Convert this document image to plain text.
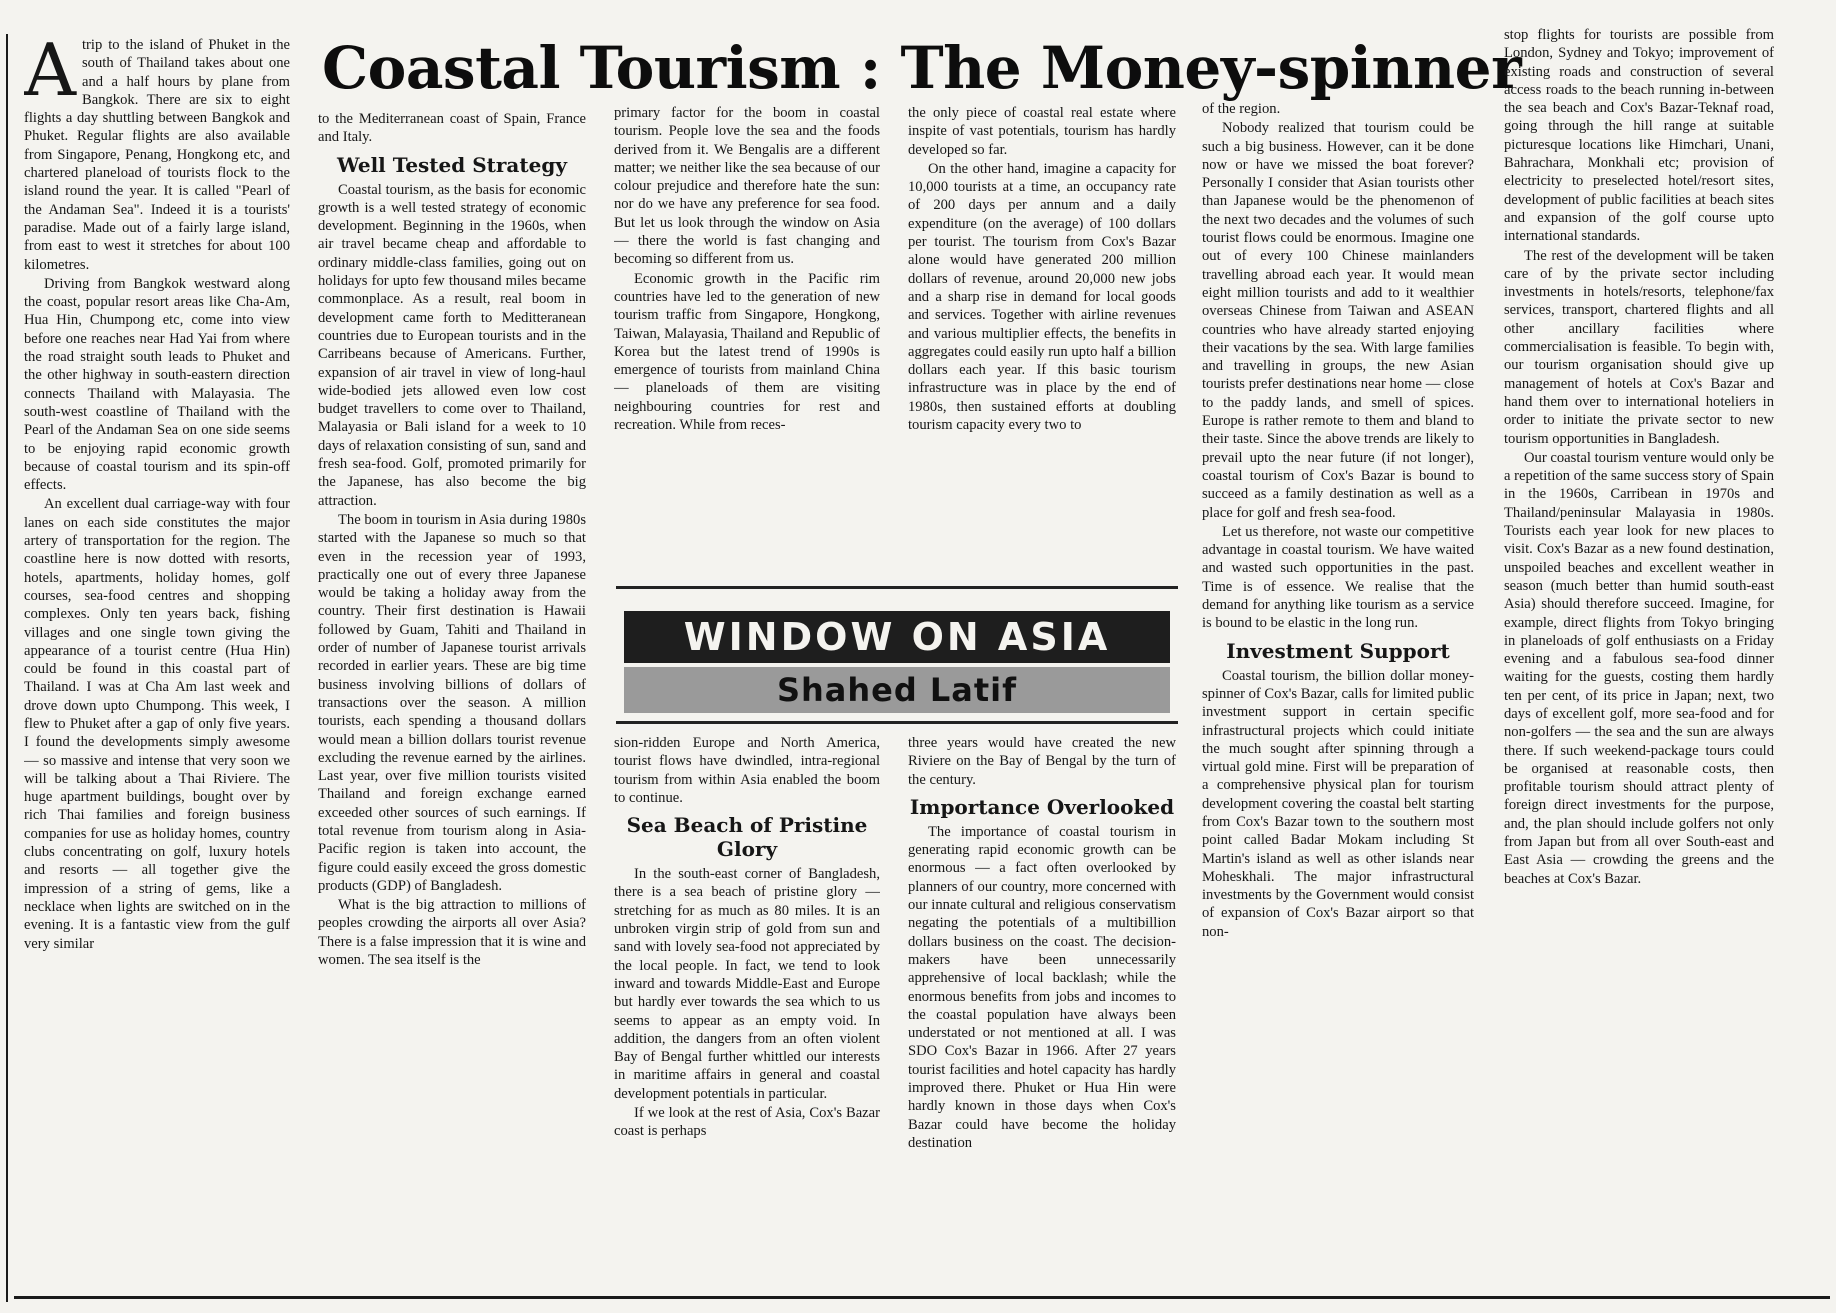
Coastal Tourism : The Money-spinner

Atrip to the island of Phuket in the south of Thailand takes about one and a half hours by plane from Bangkok. There are six to eight flights a day shuttling between Bangkok and Phuket. Regular flights are also available from Singapore, Penang, Hongkong etc, and chartered planeload of tourists flock to the island round the year. It is called "Pearl of the Andaman Sea". Indeed it is a tourists' paradise. Made out of a fairly large island, from east to west it stretches for about 100 kilometres.

Driving from Bangkok westward along the coast, popular resort areas like Cha-Am, Hua Hin, Chumpong etc, come into view before one reaches near Had Yai from where the road straight south leads to Phuket and the other highway in south-eastern direction connects Thailand with Malayasia. The south-west coastline of Thailand with the Pearl of the Andaman Sea on one side seems to be enjoying rapid economic growth because of coastal tourism and its spin-off effects.

An excellent dual carriage-way with four lanes on each side constitutes the major artery of transportation for the region. The coastline here is now dotted with resorts, hotels, apartments, holiday homes, golf courses, sea-food centres and shopping complexes. Only ten years back, fishing villages and one single town giving the appearance of a tourist centre (Hua Hin) could be found in this coastal part of Thailand. I was at Cha Am last week and drove down upto Chumpong. This week, I flew to Phuket after a gap of only five years. I found the developments simply awesome — so massive and intense that very soon we will be talking about a Thai Riviere. The huge apartment buildings, bought over by rich Thai families and foreign business companies for use as holiday homes, country clubs concentrating on golf, luxury hotels and resorts — all together give the impression of a string of gems, like a necklace when lights are switched on in the evening. It is a fantastic view from the gulf very similar

to the Mediterranean coast of Spain, France and Italy.

Well Tested Strategy

Coastal tourism, as the basis for economic growth is a well tested strategy of economic development. Beginning in the 1960s, when air travel became cheap and affordable to ordinary middle-class families, going out on holidays for upto few thousand miles became commonplace. As a result, real boom in development came forth to Meditteranean countries due to European tourists and in the Carribeans because of Americans. Further, expansion of air travel in view of long-haul wide-bodied jets allowed even low cost budget travellers to come over to Thailand, Malayasia or Bali island for a week to 10 days of relaxation consisting of sun, sand and fresh sea-food. Golf, promoted primarily for the Japanese, has also become the big attraction.

The boom in tourism in Asia during 1980s started with the Japanese so much so that even in the recession year of 1993, practically one out of every three Japanese would be taking a holiday away from the country. Their first destination is Hawaii followed by Guam, Tahiti and Thailand in order of number of Japanese tourist arrivals recorded in earlier years. These are big time business involving billions of dollars of transactions over the season. A million tourists, each spending a thousand dollars would mean a billion dollars tourist revenue excluding the revenue earned by the airlines. Last year, over five million tourists visited Thailand and foreign exchange earned exceeded other sources of such earnings. If total revenue from tourism along in Asia-Pacific region is taken into account, the figure could easily exceed the gross domestic products (GDP) of Bangladesh.

What is the big attraction to millions of peoples crowding the airports all over Asia? There is a false impression that it is wine and women. The sea itself is the

primary factor for the boom in coastal tourism. People love the sea and the foods derived from it. We Bengalis are a different matter; we neither like the sea because of our colour prejudice and therefore hate the sun: nor do we have any preference for sea food. But let us look through the window on Asia — there the world is fast changing and becoming so different from us.

Economic growth in the Pacific rim countries have led to the generation of new tourism traffic from Singapore, Hongkong, Taiwan, Malayasia, Thailand and Republic of Korea but the latest trend of 1990s is emergence of tourists from mainland China — planeloads of them are visiting neighbouring countries for rest and recreation. While from reces-

the only piece of coastal real estate where inspite of vast potentials, tourism has hardly developed so far.

On the other hand, imagine a capacity for 10,000 tourists at a time, an occupancy rate of 200 days per annum and a daily expenditure (on the average) of 100 dollars per tourist. The tourism from Cox's Bazar alone would have generated 200 million dollars of revenue, around 20,000 new jobs and a sharp rise in demand for local goods and services. Together with airline revenues and various multiplier effects, the benefits in aggregates could easily run upto half a billion dollars each year. If this basic tourism infrastructure was in place by the end of 1980s, then sustained efforts at doubling tourism capacity every two to

WINDOW ON ASIA
Shahed Latif

sion-ridden Europe and North America, tourist flows have dwindled, intra-regional tourism from within Asia enabled the boom to continue.

Sea Beach of Pristine Glory

In the south-east corner of Bangladesh, there is a sea beach of pristine glory — stretching for as much as 80 miles. It is an unbroken virgin strip of gold from sun and sand with lovely sea-food not appreciated by the local people. In fact, we tend to look inward and towards Middle-East and Europe but hardly ever towards the sea which to us seems to appear as an empty void. In addition, the dangers from an often violent Bay of Bengal further whittled our interests in maritime affairs in general and coastal development potentials in particular.

If we look at the rest of Asia, Cox's Bazar coast is perhaps

three years would have created the new Riviere on the Bay of Bengal by the turn of the century.

Importance Overlooked

The importance of coastal tourism in generating rapid economic growth can be enormous — a fact often overlooked by planners of our country, more concerned with our innate cultural and religious conservatism negating the potentials of a multibillion dollars business on the coast. The decision-makers have been unnecessarily apprehensive of local backlash; while the enormous benefits from jobs and incomes to the coastal population have always been understated or not mentioned at all. I was SDO Cox's Bazar in 1966. After 27 years tourist facilities and hotel capacity has hardly improved there. Phuket or Hua Hin were hardly known in those days when Cox's Bazar could have become the holiday destination

of the region.

Nobody realized that tourism could be such a big business. However, can it be done now or have we missed the boat forever? Personally I consider that Asian tourists other than Japanese would be the phenomenon of the next two decades and the volumes of such tourist flows could be enormous. Imagine one out of every 100 Chinese mainlanders travelling abroad each year. It would mean eight million tourists and add to it wealthier overseas Chinese from Taiwan and ASEAN countries who have already started enjoying their vacations by the sea. With large families and travelling in groups, the new Asian tourists prefer destinations near home — close to the paddy lands, and smell of spices. Europe is rather remote to them and bland to their taste. Since the above trends are likely to prevail upto the near future (if not longer), coastal tourism of Cox's Bazar is bound to succeed as a family destination as well as a place for golf and fresh sea-food.

Let us therefore, not waste our competitive advantage in coastal tourism. We have waited and wasted such opportunities in the past. Time is of essence. We realise that the demand for anything like tourism as a service is bound to be elastic in the long run.

Investment Support

Coastal tourism, the billion dollar money-spinner of Cox's Bazar, calls for limited public investment support in certain specific infrastructural projects which could initiate the much sought after spinning through a virtual gold mine. First will be preparation of a comprehensive physical plan for tourism development covering the coastal belt starting from Cox's Bazar town to the southern most point called Badar Mokam including St Martin's island as well as other islands near Moheskhali. The major infrastructural investments by the Government would consist of expansion of Cox's Bazar airport so that non-

stop flights for tourists are possible from London, Sydney and Tokyo; improvement of existing roads and construction of several access roads to the beach running in-between the sea beach and Cox's Bazar-Teknaf road, going through the hill range at suitable picturesque locations like Himchari, Unani, Bahrachara, Monkhali etc; provision of electricity to preselected hotel/resort sites, development of public facilities at beach sites and expansion of the golf course upto international standards.

The rest of the development will be taken care of by the private sector including investments in hotels/resorts, telephone/fax services, transport, chartered flights and all other ancillary facilities where commercialisation is feasible. To begin with, our tourism organisation should give up management of hotels at Cox's Bazar and hand them over to international hoteliers in order to initiate the private sector to new tourism opportunities in Bangladesh.

Our coastal tourism venture would only be a repetition of the same success story of Spain in the 1960s, Carribean in 1970s and Thailand/peninsular Malayasia in 1980s. Tourists each year look for new places to visit. Cox's Bazar as a new found destination, unspoiled beaches and excellent weather in season (much better than humid south-east Asia) should therefore succeed. Imagine, for example, direct flights from Tokyo bringing in planeloads of golf enthusiasts on a Friday evening and a fabulous sea-food dinner waiting for the guests, costing them hardly ten per cent, of its price in Japan; next, two days of excellent golf, more sea-food and for non-golfers — the sea and the sun are always there. If such weekend-package tours could be organised at reasonable costs, then profitable tourism should attract plenty of foreign direct investments for the purpose, and, the plan should include golfers not only from Japan but from all over South-east and East Asia — crowding the greens and the beaches at Cox's Bazar.
